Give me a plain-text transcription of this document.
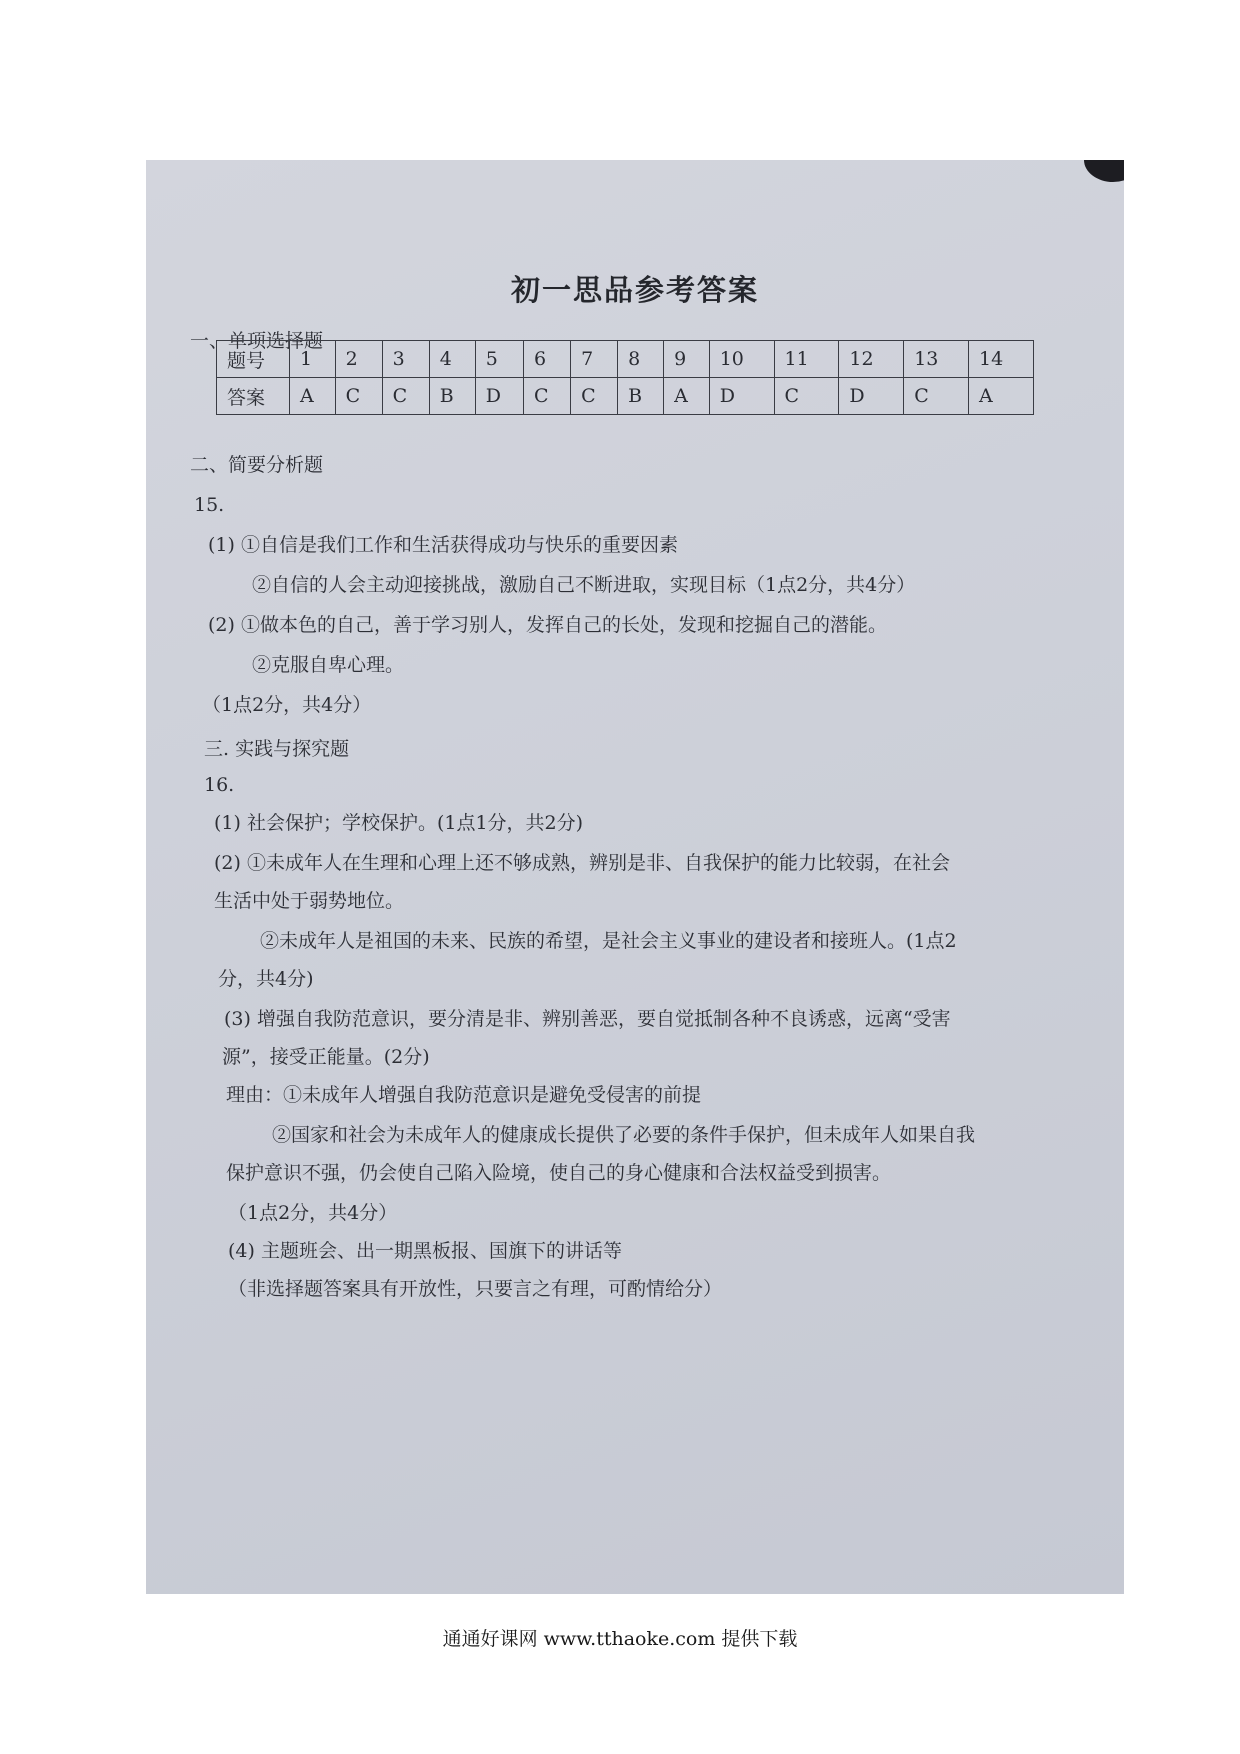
初一思品参考答案
一、单项选择题
题号	1	2	3	4	5	6	7	8	9	10	11	12	13	14
答案	A	C	C	B	D	C	C	B	A	D	C	D	C	A
二、简要分析题
15.
(1) ①自信是我们工作和生活获得成功与快乐的重要因素
②自信的人会主动迎接挑战，激励自己不断进取，实现目标（1点2分，共4分）
(2) ①做本色的自己，善于学习别人，发挥自己的长处，发现和挖掘自己的潜能。
②克服自卑心理。
（1点2分，共4分）
三. 实践与探究题
16.
(1) 社会保护；学校保护。(1点1分，共2分)
(2) ①未成年人在生理和心理上还不够成熟，辨别是非、自我保护的能力比较弱，在社会
生活中处于弱势地位。
②未成年人是祖国的未来、民族的希望，是社会主义事业的建设者和接班人。(1点2
分，共4分)
(3) 增强自我防范意识，要分清是非、辨别善恶，要自觉抵制各种不良诱惑，远离“受害
源”，接受正能量。(2分)
理由：①未成年人增强自我防范意识是避免受侵害的前提
②国家和社会为未成年人的健康成长提供了必要的条件手保护，但未成年人如果自我
保护意识不强，仍会使自己陷入险境，使自己的身心健康和合法权益受到损害。
（1点2分，共4分）
(4) 主题班会、出一期黑板报、国旗下的讲话等
（非选择题答案具有开放性，只要言之有理，可酌情给分）
通通好课网 www.tthaoke.com 提供下载
